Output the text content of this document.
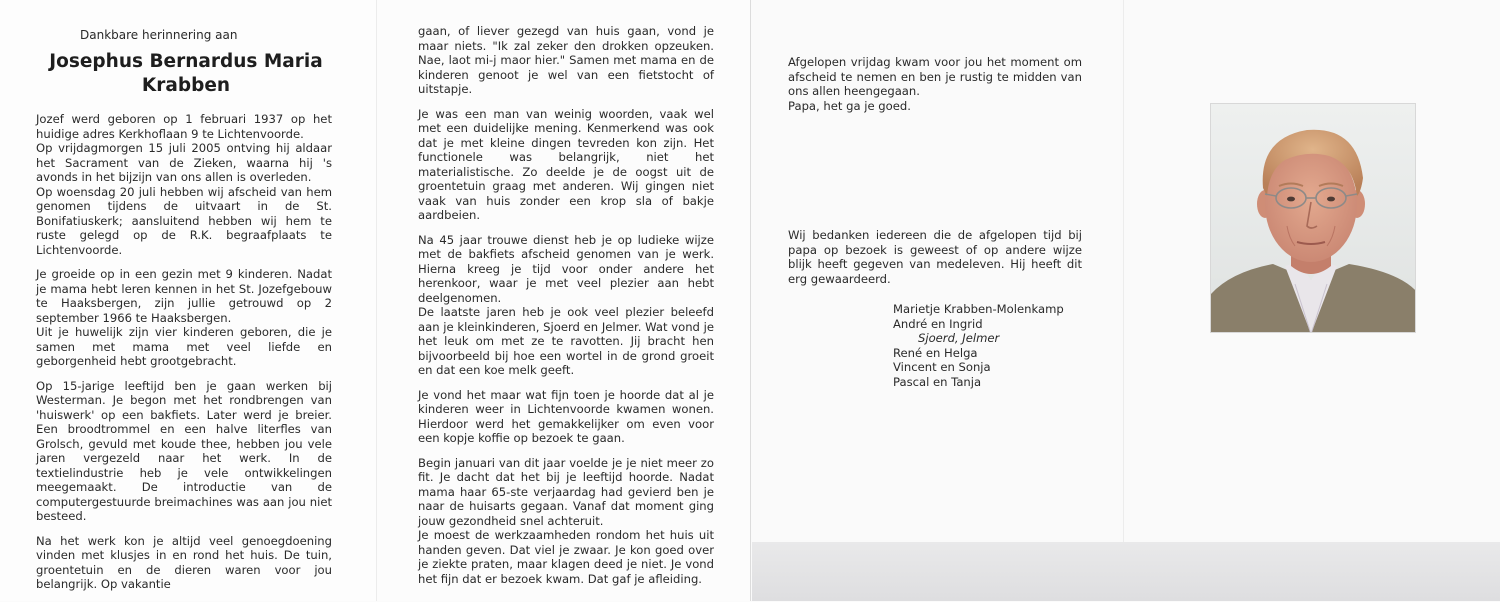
Dankbare herinnering aan
Josephus Bernardus Maria
Krabben

Jozef werd geboren op 1 februari 1937 op het huidige adres Kerkhoflaan 9 te Lichtenvoorde.

Op vrijdagmorgen 15 juli 2005 ontving hij aldaar het Sacrament van de Zieken, waarna hij 's avonds in het bijzijn van ons allen is overleden.

Op woensdag 20 juli hebben wij afscheid van hem genomen tijdens de uitvaart in de St. Bonifatiuskerk; aansluitend hebben wij hem te ruste gelegd op de R.K. begraafplaats te Lichtenvoorde.

Je groeide op in een gezin met 9 kinderen. Nadat je mama hebt leren kennen in het St. Jozefgebouw te Haaksbergen, zijn jullie getrouwd op 2 september 1966 te Haaksbergen.

Uit je huwelijk zijn vier kinderen geboren, die je samen met mama met veel liefde en geborgenheid hebt grootgebracht.

Op 15-jarige leeftijd ben je gaan werken bij Westerman. Je begon met het rondbrengen van 'huiswerk' op een bakfiets. Later werd je breier. Een broodtrommel en een halve literfles van Grolsch, gevuld met koude thee, hebben jou vele jaren vergezeld naar het werk. In de textielindustrie heb je vele ontwikkelingen meegemaakt. De introductie van de computergestuurde breimachines was aan jou niet besteed.

Na het werk kon je altijd veel genoegdoening vinden met klusjes in en rond het huis. De tuin, groentetuin en de dieren waren voor jou belangrijk. Op vakantie

gaan, of liever gezegd van huis gaan, vond je maar niets. "Ik zal zeker den drokken opzeuken. Nae, laot mi-j maor hier." Samen met mama en de kinderen genoot je wel van een fietstocht of uitstapje.

Je was een man van weinig woorden, vaak wel met een duidelijke mening. Kenmerkend was ook dat je met kleine dingen tevreden kon zijn. Het functionele was belangrijk, niet het materialistische. Zo deelde je de oogst uit de groentetuin graag met anderen. Wij gingen niet vaak van huis zonder een krop sla of bakje aardbeien.

Na 45 jaar trouwe dienst heb je op ludieke wijze met de bakfiets afscheid genomen van je werk. Hierna kreeg je tijd voor onder andere het herenkoor, waar je met veel plezier aan hebt deelgenomen.

De laatste jaren heb je ook veel plezier beleefd aan je kleinkinderen, Sjoerd en Jelmer. Wat vond je het leuk om met ze te ravotten. Jij bracht hen bijvoorbeeld bij hoe een wortel in de grond groeit en dat een koe melk geeft.

Je vond het maar wat fijn toen je hoorde dat al je kinderen weer in Lichtenvoorde kwamen wonen. Hierdoor werd het gemakkelijker om even voor een kopje koffie op bezoek te gaan.

Begin januari van dit jaar voelde je je niet meer zo fit. Je dacht dat het bij je leeftijd hoorde. Nadat mama haar 65-ste verjaardag had gevierd ben je naar de huisarts gegaan. Vanaf dat moment ging jouw gezondheid snel achteruit.

Je moest de werkzaamheden rondom het huis uit handen geven. Dat viel je zwaar. Je kon goed over je ziekte praten, maar klagen deed je niet. Je vond het fijn dat er bezoek kwam. Dat gaf je afleiding.

Afgelopen vrijdag kwam voor jou het moment om afscheid te nemen en ben je rustig te midden van ons allen heengegaan.

Papa, het ga je goed.

Wij bedanken iedereen die de afgelopen tijd bij papa op bezoek is geweest of op andere wijze blijk heeft gegeven van medeleven. Hij heeft dit erg gewaardeerd.

Marietje Krabben-Molenkamp
André en Ingrid
Sjoerd, Jelmer
René en Helga
Vincent en Sonja
Pascal en Tanja
